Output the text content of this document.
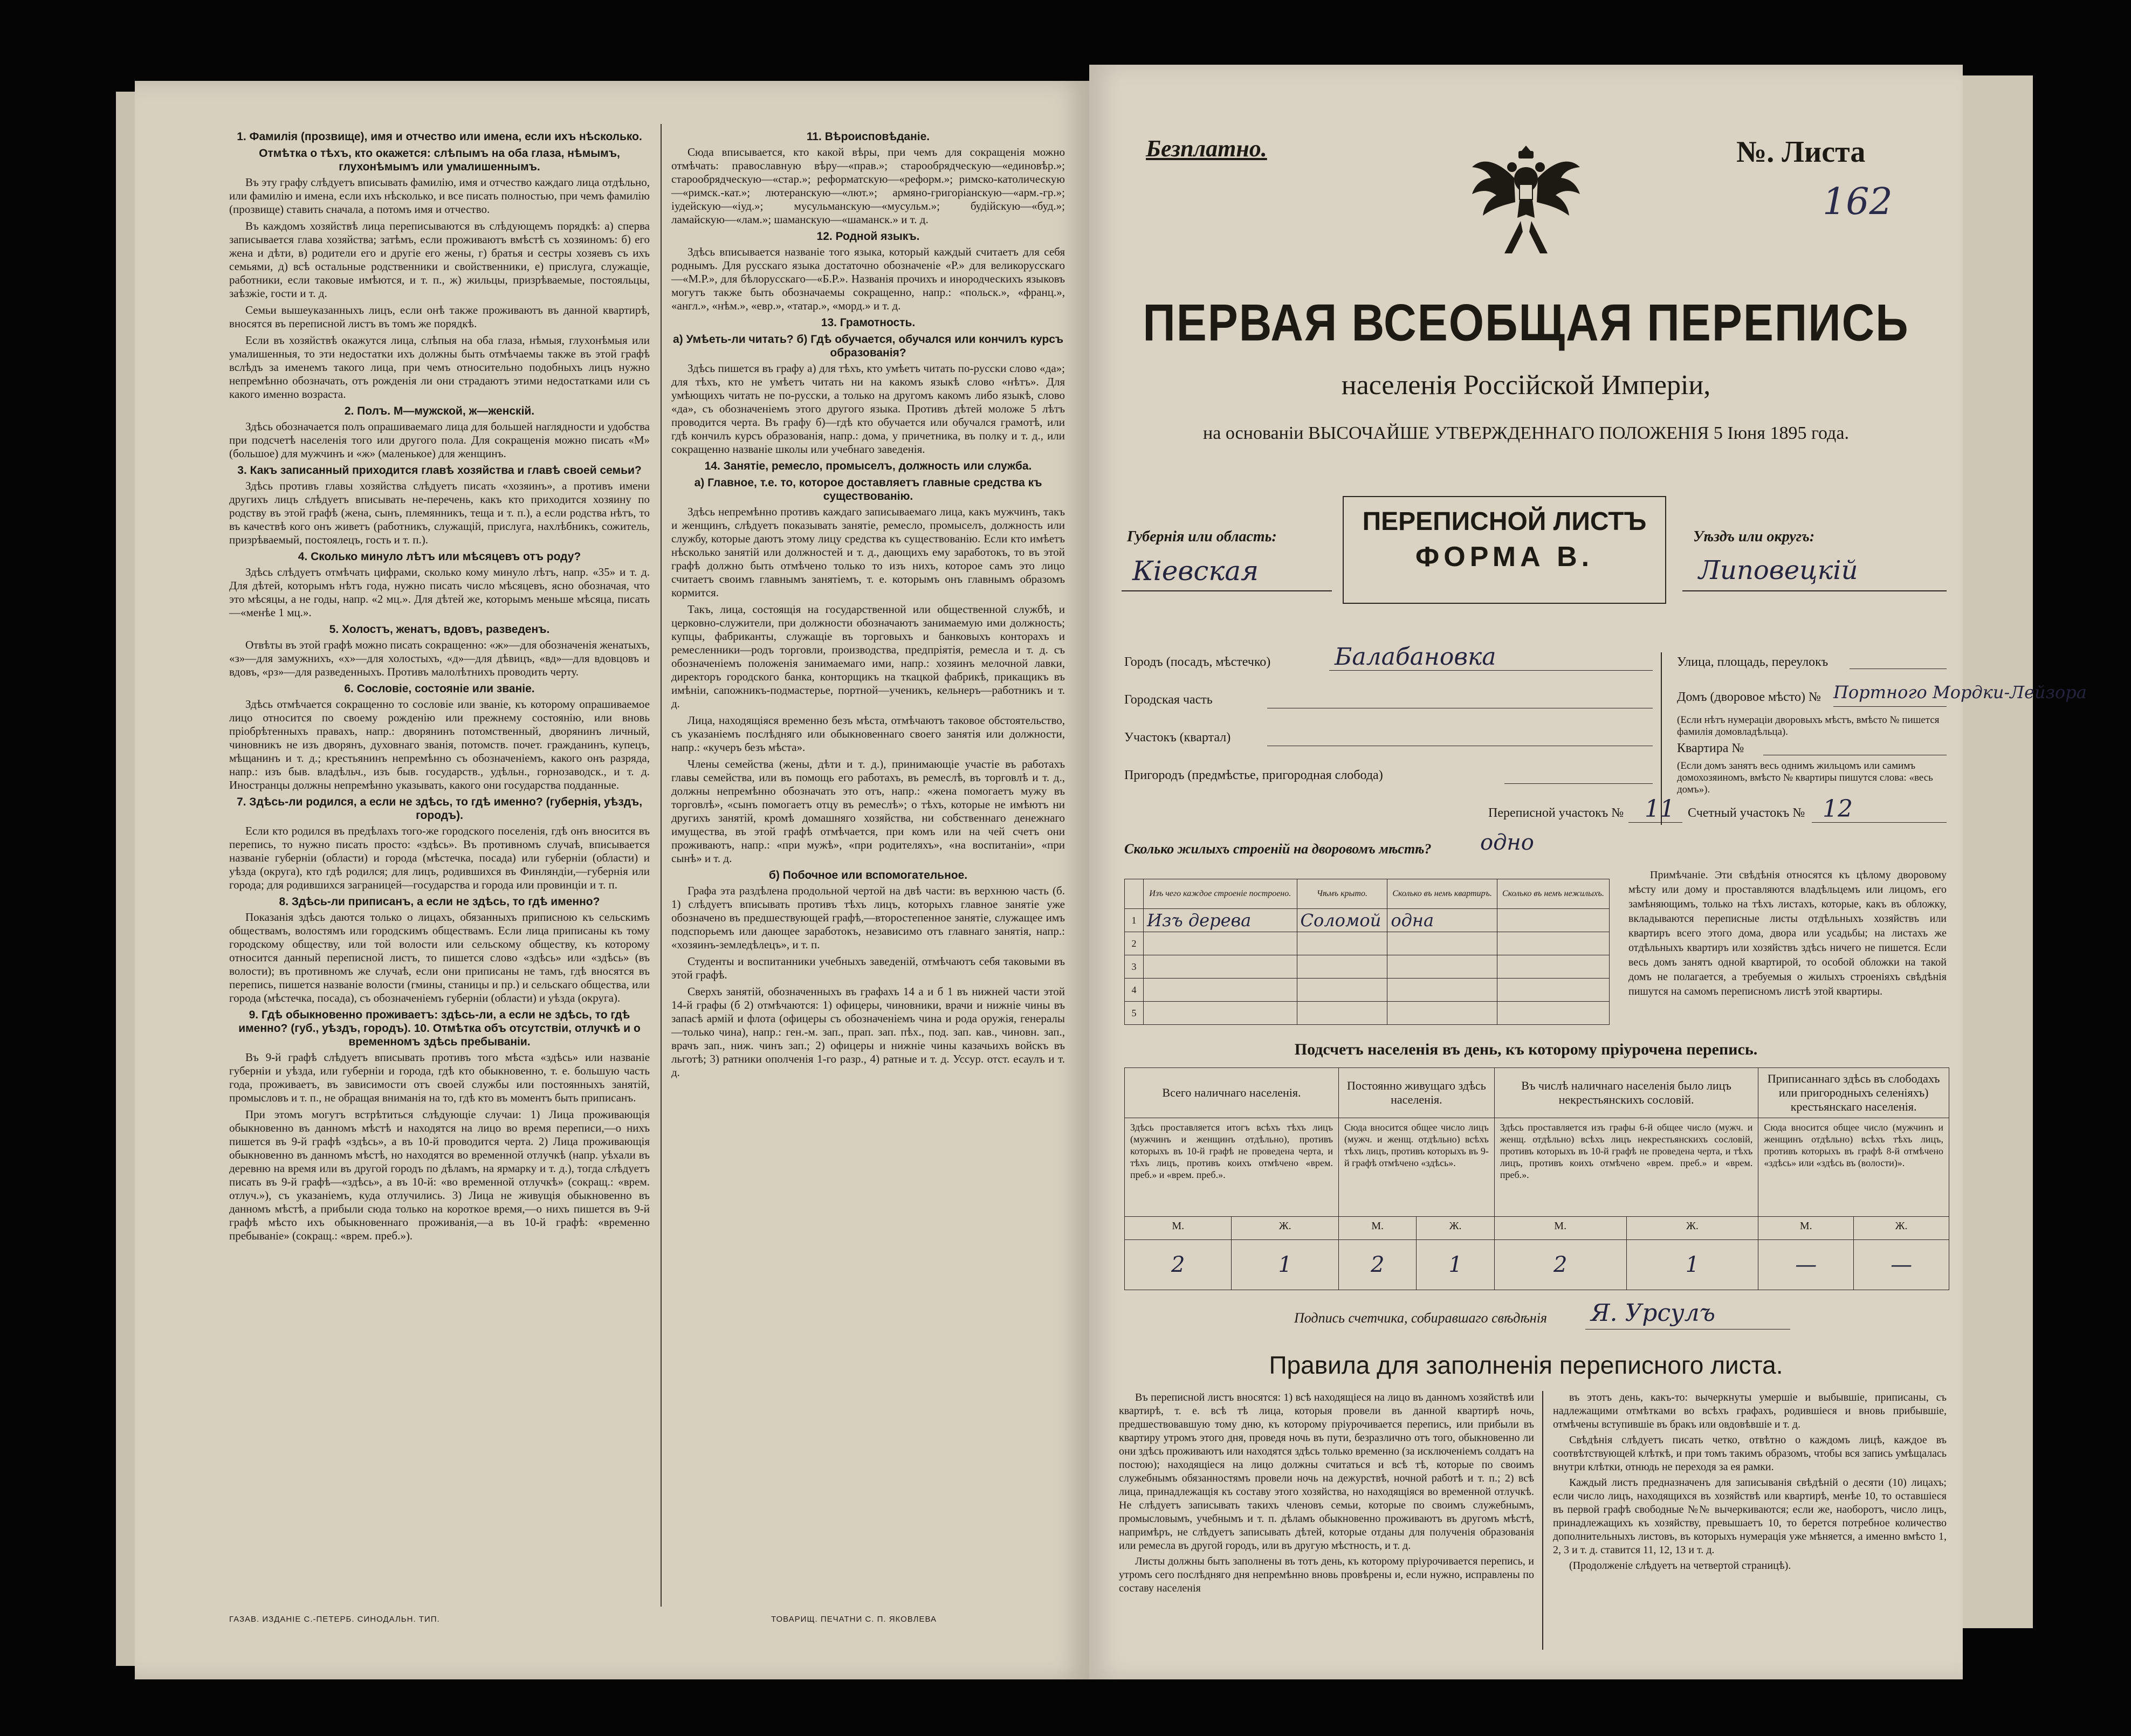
1. Фамилія (прозвище), имя и отчество или имена, если ихъ нѣсколько.
Отмѣтка о тѣхъ, кто окажется: слѣпымъ на оба глаза, нѣмымъ, глухонѣмымъ или умалишеннымъ.

Въ эту графу слѣдуетъ вписывать фамилію, имя и отчество каждаго лица отдѣльно, или фамилію и имена, если ихъ нѣсколько, и все писать полностью, при чемъ фамилію (прозвище) ставить сначала, а потомъ имя и отчество.

Въ каждомъ хозяйствѣ лица переписываются въ слѣдующемъ порядкѣ: а) сперва записывается глава хозяйства; затѣмъ, если проживаютъ вмѣстѣ съ хозяиномъ: б) его жена и дѣти, в) родители его и другіе его жены, г) братья и сестры хозяевъ съ ихъ семьями, д) всѣ остальные родственники и свойственники, е) прислуга, служащіе, работники, если таковые имѣются, и т. п., ж) жильцы, призрѣваемые, постояльцы, заѣзжіе, гости и т. д.

Семьи вышеуказанныхъ лицъ, если онѣ также проживаютъ въ данной квартирѣ, вносятся въ переписной листъ въ томъ же порядкѣ.

Если въ хозяйствѣ окажутся лица, слѣпыя на оба глаза, нѣмыя, глухонѣмыя или умалишенныя, то эти недостатки ихъ должны быть отмѣчаемы также въ этой графѣ вслѣдъ за именемъ такого лица, при чемъ относительно подобныхъ лицъ нужно непремѣнно обозначать, отъ рожденія ли они страдаютъ этими недостатками или съ какого именно возраста.

2. Полъ. М—мужской, ж—женскій.

Здѣсь обозначается полъ опрашиваемаго лица для большей наглядности и удобства при подсчетѣ населенія того или другого пола. Для сокращенія можно писать «М» (большое) для мужчинъ и «ж» (маленькое) для женщинъ.

3. Какъ записанный приходится главѣ хозяйства и главѣ своей семьи?

Здѣсь противъ главы хозяйства слѣдуетъ писать «хозяинъ», а противъ имени другихъ лицъ слѣдуетъ вписывать не-перечень, какъ кто приходится хозяину по родству въ этой графѣ (жена, сынъ, племянникъ, теща и т. п.), а если родства нѣтъ, то въ качествѣ кого онъ живетъ (работникъ, служащій, прислуга, нахлѣбникъ, сожитель, призрѣваемый, постоялецъ, гость и т. п.).

4. Сколько минуло лѣтъ или мѣсяцевъ отъ роду?

Здѣсь слѣдуетъ отмѣчать цифрами, сколько кому минуло лѣтъ, напр. «35» и т. д. Для дѣтей, которымъ нѣтъ года, нужно писать число мѣсяцевъ, ясно обозначая, что это мѣсяцы, а не годы, напр. «2 мц.». Для дѣтей же, которымъ меньше мѣсяца, писать—«менѣе 1 мц.».

5. Холостъ, женатъ, вдовъ, разведенъ.

Отвѣты въ этой графѣ можно писать сокращенно: «ж»—для обозначенія женатыхъ, «з»—для замужнихъ, «х»—для холостыхъ, «д»—для дѣвицъ, «вд»—для вдовцовъ и вдовъ, «рз»—для разведенныхъ. Противъ малолѣтнихъ проводить черту.

6. Сословіе, состояніе или званіе.

Здѣсь отмѣчается сокращенно то сословіе или званіе, къ которому опрашиваемое лицо относится по своему рожденію или прежнему состоянію, или вновь пріобрѣтенныхъ правахъ, напр.: дворянинъ потомственный, дворянинъ личный, чиновникъ не изъ дворянъ, духовнаго званія, потомств. почет. гражданинъ, купецъ, мѣщанинъ и т. д.; крестьянинъ непремѣнно съ обозначеніемъ, какого онъ разряда, напр.: изъ быв. владѣльч., изъ быв. государств., удѣльн., горнозаводск., и т. д. Иностранцы должны непремѣнно указывать, какого они государства подданные.

7. Здѣсь-ли родился, а если не здѣсь, то гдѣ именно? (губернія, уѣздъ, городъ).

Если кто родился въ предѣлахъ того-же городского поселенія, гдѣ онъ вносится въ перепись, то нужно писать просто: «здѣсь». Въ противномъ случаѣ, вписывается названіе губерніи (области) и города (мѣстечка, посада) или губерніи (области) и уѣзда (округа), кто гдѣ родился; для лицъ, родившихся въ Финляндіи,—губернія или города; для родившихся заграницей—государства и города или провинціи и т. п.

8. Здѣсь-ли приписанъ, а если не здѣсь, то гдѣ именно?

Показанія здѣсь даются только о лицахъ, обязанныхъ приписною къ сельскимъ обществамъ, волостямъ или городскимъ обществамъ. Если лица приписаны къ тому городскому обществу, или той волости или сельскому обществу, къ которому относится данный переписной листъ, то пишется слово «здѣсь» или «здѣсь» (въ волости); въ противномъ же случаѣ, если они приписаны не тамъ, гдѣ вносятся въ перепись, пишется названіе волости (гмины, станицы и пр.) и сельскаго общества, или города (мѣстечка, посада), съ обозначеніемъ губерніи (области) и уѣзда (округа).

9. Гдѣ обыкновенно проживаетъ: здѣсь-ли, а если не здѣсь, то гдѣ именно? (губ., уѣздъ, городъ). 10. Отмѣтка объ отсутствіи, отлучкѣ и о временномъ здѣсь пребываніи.

Въ 9-й графѣ слѣдуетъ вписывать противъ того мѣста «здѣсь» или названіе губерніи и уѣзда, или губерніи и города, гдѣ кто обыкновенно, т. е. большую часть года, проживаетъ, въ зависимости отъ своей службы или постоянныхъ занятій, промысловъ и т. п., не обращая вниманія на то, гдѣ кто въ моментъ быть приписанъ.

При этомъ могутъ встрѣтиться слѣдующіе случаи: 1) Лица проживающія обыкновенно въ данномъ мѣстѣ и находятся на лицо во время переписи,—о нихъ пишется въ 9-й графѣ «здѣсь», а въ 10-й проводится черта. 2) Лица проживающія обыкновенно въ данномъ мѣстѣ, но находятся во временной отлучкѣ (напр. уѣхали въ деревню на время или въ другой городъ по дѣламъ, на ярмарку и т. д.), тогда слѣдуетъ писать въ 9-й графѣ—«здѣсь», а въ 10-й: «во временной отлучкѣ» (сокращ.: «врем. отлуч.»), съ указаніемъ, куда отлучились. 3) Лица не живущія обыкновенно въ данномъ мѣстѣ, а прибыли сюда только на короткое время,—о нихъ пишется въ 9-й графѣ мѣсто ихъ обыкновеннаго проживанія,—а въ 10-й графѣ: «временно пребываніе» (сокращ.: «врем. преб.»).

11. Вѣроисповѣданіе.

Сюда вписывается, кто какой вѣры, при чемъ для сокращенія можно отмѣчать: православную вѣру—«прав.»; старообрядческую—«единовѣр.»; старообрядческую—«стар.»; реформатскую—«реформ.»; римско-католическую—«римск.-кат.»; лютеранскую—«лют.»; армяно-григоріанскую—«арм.-гр.»; іудейскую—«іуд.»; мусульманскую—«мусульм.»; будійскую—«буд.»; ламайскую—«лам.»; шаманскую—«шаманск.» и т. д.

12. Родной языкъ.

Здѣсь вписывается названіе того языка, который каждый считаетъ для себя роднымъ. Для русскаго языка достаточно обозначеніе «Р.» для великорусскаго—«М.Р.», для бѣлорусскаго—«Б.Р.». Названія прочихъ и инородческихъ языковъ могутъ также быть обозначаемы сокращенно, напр.: «польск.», «франц.», «англ.», «нѣм.», «евр.», «татар.», «морд.» и т. д.

13. Грамотность.
а) Умѣеть-ли читать? б) Гдѣ обучается, обучался или кончилъ курсъ образованія?

Здѣсь пишется въ графу а) для тѣхъ, кто умѣетъ читать по-русски слово «да»; для тѣхъ, кто не умѣетъ читать ни на какомъ языкѣ слово «нѣтъ». Для умѣющихъ читать не по-русски, а только на другомъ какомъ либо языкѣ, слово «да», съ обозначеніемъ этого другого языка. Противъ дѣтей моложе 5 лѣтъ проводится черта. Въ графу б)—гдѣ кто обучается или обучался грамотѣ, или гдѣ кончилъ курсъ образованія, напр.: дома, у причетника, въ полку и т. д., или сокращенно названіе школы или учебнаго заведенія.

14. Занятіе, ремесло, промыселъ, должность или служба.
а) Главное, т.е. то, которое доставляетъ главные средства къ существованію.

Здѣсь непремѣнно противъ каждаго записываемаго лица, какъ мужчинъ, такъ и женщинъ, слѣдуетъ показывать занятіе, ремесло, промыселъ, должность или службу, которые даютъ этому лицу средства къ существованію. Если кто имѣетъ нѣсколько занятій или должностей и т. д., дающихъ ему заработокъ, то въ этой графѣ должно быть отмѣчено только то изъ нихъ, которое самъ это лицо считаетъ своимъ главнымъ занятіемъ, т. е. которымъ онъ главнымъ образомъ кормится.

Такъ, лица, состоящія на государственной или общественной службѣ, и церковно-служители, при должности обозначаютъ занимаемую ими должность; купцы, фабриканты, служащіе въ торговыхъ и банковыхъ конторахъ и ремесленники—родъ торговли, производства, предпріятія, ремесла и т. д. съ обозначеніемъ положенія занимаемаго ими, напр.: хозяинъ мелочной лавки, директоръ городского банка, конторщикъ на ткацкой фабрикѣ, прикащикъ въ имѣніи, сапожникъ-подмастерье, портной—ученикъ, кельнеръ—работникъ и т. д.

Лица, находящіяся временно безъ мѣста, отмѣчаютъ таковое обстоятельство, съ указаніемъ послѣдняго или обыкновеннаго своего занятія или должности, напр.: «кучеръ безъ мѣста».

Члены семейства (жены, дѣти и т. д.), принимающіе участіе въ работахъ главы семейства, или въ помощь его работахъ, въ ремеслѣ, въ торговлѣ и т. д., должны непремѣнно обозначать это отъ, напр.: «жена помогаетъ мужу въ торговлѣ», «сынъ помогаетъ отцу въ ремеслѣ»; о тѣхъ, которые не имѣютъ ни другихъ занятій, кромѣ домашняго хозяйства, ни собственнаго денежнаго имущества, въ этой графѣ отмѣчается, при комъ или на чей счетъ они проживаютъ, напр.: «при мужѣ», «при родителяхъ», «на воспитаніи», «при сынѣ» и т. д.

б) Побочное или вспомогательное.

Графа эта раздѣлена продольной чертой на двѣ части: въ верхнюю часть (б. 1) слѣдуетъ вписывать противъ тѣхъ лицъ, которыхъ главное занятіе уже обозначено въ предшествующей графѣ,—второстепенное занятіе, служащее имъ подспорьемъ или дающее заработокъ, независимо отъ главнаго занятія, напр.: «хозяинъ-земледѣлецъ», и т. п.

Студенты и воспитанники учебныхъ заведеній, отмѣчаютъ себя таковыми въ этой графѣ.

Сверхъ занятій, обозначенныхъ въ графахъ 14 а и б 1 въ нижней части этой 14-й графы (б 2) отмѣчаются: 1) офицеры, чиновники, врачи и нижніе чины въ запасѣ армій и флота (офицеры съ обозначеніемъ чина и рода оружія, генералы—только чина), напр.: ген.-м. зап., прап. зап. пѣх., под. зап. кав., чиновн. зап., врачъ зап., ниж. чинъ зап.; 2) офицеры и нижніе чины казачьихъ войскъ въ льготѣ; 3) ратники ополченія 1-го разр., 4) ратные и т. д. Уссур. отст. есаулъ и т. д.

ГАЗАВ. ИЗДАНІЕ С.-ПЕТЕРБ. СИНОДАЛЬН. ТИП.	ТОВАРИЩ. ПЕЧАТНИ С. П. ЯКОВЛЕВА
Безплатно.	№. Листа
162
ПЕРВАЯ ВСЕОБЩАЯ ПЕРЕПИСЬ
населенія Россійской Имперіи,
на основаніи ВЫСОЧАЙШЕ УТВЕРЖДЕННАГО ПОЛОЖЕНІЯ 5 Іюня 1895 года.
Губернія или область:
Кіевская
ПЕРЕПИСНОЙ ЛИСТЪ
ФОРМА В.
Уѣздъ или округъ:
Липовецкій
Улица, площадь, переулокъ
Домъ (дворовое мѣсто) № Портного Мордки-Лейзора
(Если нѣтъ нумераціи дворовыхъ мѣстъ, вмѣсто № пишется фамилія домовладѣльца).
Квартира №
(Если домъ занятъ весь однимъ жильцомъ или самимъ домохозяиномъ, вмѣсто № квартиры пишутся слова: «весь домъ»).
Переписной участокъ № 11 Счетный участокъ № 12
Сколько жилыхъ строеній на дворовомъ мѣстѣ? одно
	Изъ чего каждое строеніе построено.	Чѣмъ крыто.	Сколько въ немъ квартиръ.	Сколько въ немъ нежилыхъ.
1	Изъ дерева	Соломой	одна	
2				
3				
4				
5				
Примѣчаніе. Эти свѣдѣнія относятся къ цѣлому дворовому мѣсту или дому и проставляются владѣльцемъ или лицомъ, его замѣняющимъ, только на тѣхъ листахъ, которые, какъ въ обложку, вкладываются переписные листы отдѣльныхъ хозяйствъ или квартиръ всего этого дома, двора или усадьбы; на листахъ же отдѣльныхъ квартиръ или хозяйствъ здѣсь ничего не пишется. Если весь домъ занятъ одной квартирой, то особой обложки на такой домъ не полагается, а требуемыя о жилыхъ строеніяхъ свѣдѣнія пишутся на самомъ переписномъ листѣ этой квартиры.
Подсчетъ населенія въ день, къ которому пріурочена перепись.
Всего наличнаго населенія.		Постоянно живущаго здѣсь населенія.		Въ числѣ наличнаго населенія было лицъ некрестьянскихъ сословій.		Приписаннаго здѣсь въ слободахъ или пригородныхъ селеніяхъ) крестьянскаго населенія.	
Здѣсь проставляется итогъ всѣхъ тѣхъ лицъ (мужчинъ и женщинъ отдѣльно), противъ которыхъ въ 10-й графѣ не проведена черта, и тѣхъ лицъ, противъ коихъ отмѣчено «врем. преб.» и «врем. преб.».		Сюда вносится общее число лицъ (мужч. и женщ. отдѣльно) всѣхъ тѣхъ лицъ, противъ которыхъ въ 9-й графѣ отмѣчено «здѣсь».		Здѣсь проставляется изъ графы 6-й общее число (мужч. и женщ. отдѣльно) всѣхъ лицъ некрестьянскихъ сословій, противъ которыхъ въ 10-й графѣ не проведена черта, и тѣхъ лицъ, противъ коихъ отмѣчено «врем. преб.» и «врем. преб.».		Сюда вносится общее число (мужчинъ и женщинъ отдѣльно) всѣхъ тѣхъ лицъ, противъ которыхъ въ графѣ 8-й отмѣчено «здѣсь» или «здѣсь въ (волости)».	
М.	Ж.	М.	Ж.	М.	Ж.	М.	Ж.
2	1	2	1	2	1	—	—
Подпись счетчика, собиравшаго свѣдѣнія Я. Урсулъ
Правила для заполненія переписного листа.

Въ переписной листъ вносятся: 1) всѣ находящіеся на лицо въ данномъ хозяйствѣ или квартирѣ, т. е. всѣ тѣ лица, которыя провели въ данной квартирѣ ночь, предшествовавшую тому дню, къ которому пріурочивается перепись, или прибыли въ квартиру утромъ этого дня, проведя ночь въ пути, безразлично отъ того, обыкновенно ли они здѣсь проживаютъ или находятся здѣсь только временно (за исключеніемъ солдатъ на постою); находящіеся на лицо должны считаться и всѣ тѣ, которые по своимъ служебнымъ обязанностямъ провели ночь на дежурствѣ, ночной работѣ и т. п.; 2) всѣ лица, принадлежащія къ составу этого хозяйства, но находящіяся во временной отлучкѣ. Не слѣдуетъ записывать такихъ членовъ семьи, которые по своимъ служебнымъ, промысловымъ, учебнымъ и т. п. дѣламъ обыкновенно проживаютъ въ другомъ мѣстѣ, напримѣръ, не слѣдуетъ записывать дѣтей, которые отданы для полученія образованія или ремесла въ другой городъ, или въ другую мѣстность, и т. д.

Листы должны быть заполнены въ тотъ день, къ которому пріурочивается перепись, и утромъ сего послѣдняго дня непремѣнно вновь провѣрены и, если нужно, исправлены по составу населенія

въ этотъ день, какъ-то: вычеркнуты умершіе и выбывшіе, приписаны, съ надлежащими отмѣтками во всѣхъ графахъ, родившіеся и вновь прибывшіе, отмѣчены вступившіе въ бракъ или овдовѣвшіе и т. д.

Свѣдѣнія слѣдуетъ писать четко, отвѣтно о каждомъ лицѣ, каждое въ соотвѣтствующей клѣткѣ, и при томъ такимъ образомъ, чтобы вся запись умѣщалась внутри клѣтки, отнюдь не переходя за ея рамки.

Каждый листъ предназначенъ для записыванія свѣдѣній о десяти (10) лицахъ; если число лицъ, находящихся въ хозяйствѣ или квартирѣ, менѣе 10, то оставшіеся въ первой графѣ свободные №№ вычеркиваются; если же, наоборотъ, число лицъ, принадлежащихъ къ хозяйству, превышаетъ 10, то берется потребное количество дополнительныхъ листовъ, въ которыхъ нумерація уже мѣняется, а именно вмѣсто 1, 2, 3 и т. д. ставится 11, 12, 13 и т. д.

(Продолженіе слѣдуетъ на четвертой страницѣ).

Городъ (посадъ, мѣстечко)	Балабановка
Городская часть
Участокъ (квартал)
Пригородъ (предмѣстье, пригородная слобода)
